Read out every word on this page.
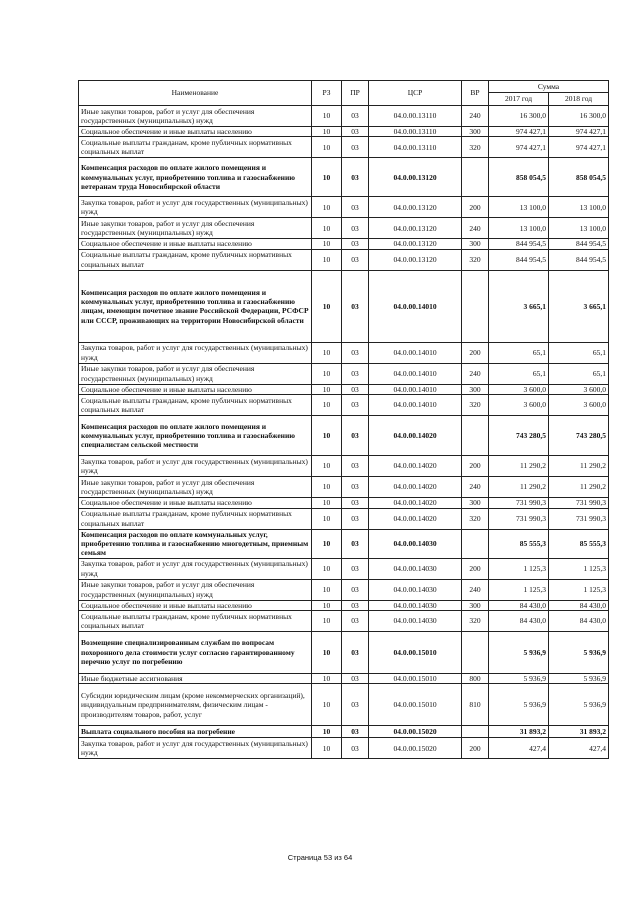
Наименование	РЗ	ПР	ЦСР	ВР	Сумма	
					2017 год	2018 год
Иные закупки товаров, работ и услуг для обеспечения государственных (муниципальных) нужд	10	03	04.0.00.13110	240	16 300,0	16 300,0
Социальное обеспечение и иные выплаты населению	10	03	04.0.00.13110	300	974 427,1	974 427,1
Социальные выплаты гражданам, кроме публичных нормативных социальных выплат	10	03	04.0.00.13110	320	974 427,1	974 427,1
Компенсация расходов по оплате жилого помещения и коммунальных услуг, приобретению топлива и газоснабжению ветеранам труда Новосибирской области	10	03	04.0.00.13120		858 054,5	858 054,5
Закупка товаров, работ и услуг для государственных (муниципальных) нужд	10	03	04.0.00.13120	200	13 100,0	13 100,0
Иные закупки товаров, работ и услуг для обеспечения государственных (муниципальных) нужд	10	03	04.0.00.13120	240	13 100,0	13 100,0
Социальное обеспечение и иные выплаты населению	10	03	04.0.00.13120	300	844 954,5	844 954,5
Социальные выплаты гражданам, кроме публичных нормативных социальных выплат	10	03	04.0.00.13120	320	844 954,5	844 954,5
Компенсация расходов по оплате жилого помещения и коммунальных услуг, приобретению топлива и газоснабжению лицам, имеющим почетное звание Российской Федерации, РСФСР или СССР, проживающих на территории Новосибирской области	10	03	04.0.00.14010		3 665,1	3 665,1
Закупка товаров, работ и услуг для государственных (муниципальных) нужд	10	03	04.0.00.14010	200	65,1	65,1
Иные закупки товаров, работ и услуг для обеспечения государственных (муниципальных) нужд	10	03	04.0.00.14010	240	65,1	65,1
Социальное обеспечение и иные выплаты населению	10	03	04.0.00.14010	300	3 600,0	3 600,0
Социальные выплаты гражданам, кроме публичных нормативных социальных выплат	10	03	04.0.00.14010	320	3 600,0	3 600,0
Компенсация расходов по оплате жилого помещения и коммунальных услуг, приобретению топлива и газоснабжению специалистам сельской местности	10	03	04.0.00.14020		743 280,5	743 280,5
Закупка товаров, работ и услуг для государственных (муниципальных) нужд	10	03	04.0.00.14020	200	11 290,2	11 290,2
Иные закупки товаров, работ и услуг для обеспечения государственных (муниципальных) нужд	10	03	04.0.00.14020	240	11 290,2	11 290,2
Социальное обеспечение и иные выплаты населению	10	03	04.0.00.14020	300	731 990,3	731 990,3
Социальные выплаты гражданам, кроме публичных нормативных социальных выплат	10	03	04.0.00.14020	320	731 990,3	731 990,3
Компенсация расходов по оплате коммунальных услуг, приобретению топлива и газоснабжению многодетным, приемным семьям	10	03	04.0.00.14030		85 555,3	85 555,3
Закупка товаров, работ и услуг для государственных (муниципальных) нужд	10	03	04.0.00.14030	200	1 125,3	1 125,3
Иные закупки товаров, работ и услуг для обеспечения государственных (муниципальных) нужд	10	03	04.0.00.14030	240	1 125,3	1 125,3
Социальное обеспечение и иные выплаты населению	10	03	04.0.00.14030	300	84 430,0	84 430,0
Социальные выплаты гражданам, кроме публичных нормативных социальных выплат	10	03	04.0.00.14030	320	84 430,0	84 430,0
Возмещение специализированным службам по вопросам похоронного дела стоимости услуг согласно гарантированному перечню услуг по погребению	10	03	04.0.00.15010		5 936,9	5 936,9
Иные бюджетные ассигнования	10	03	04.0.00.15010	800	5 936,9	5 936,9
Субсидии юридическим лицам (кроме некоммерческих организаций), индивидуальным предпринимателям, физическим лицам - производителям товаров, работ, услуг	10	03	04.0.00.15010	810	5 936,9	5 936,9
Выплата социального пособия на погребение	10	03	04.0.00.15020		31 893,2	31 893,2
Закупка товаров, работ и услуг для государственных (муниципальных) нужд	10	03	04.0.00.15020	200	427,4	427,4
Страница 53 из 64
